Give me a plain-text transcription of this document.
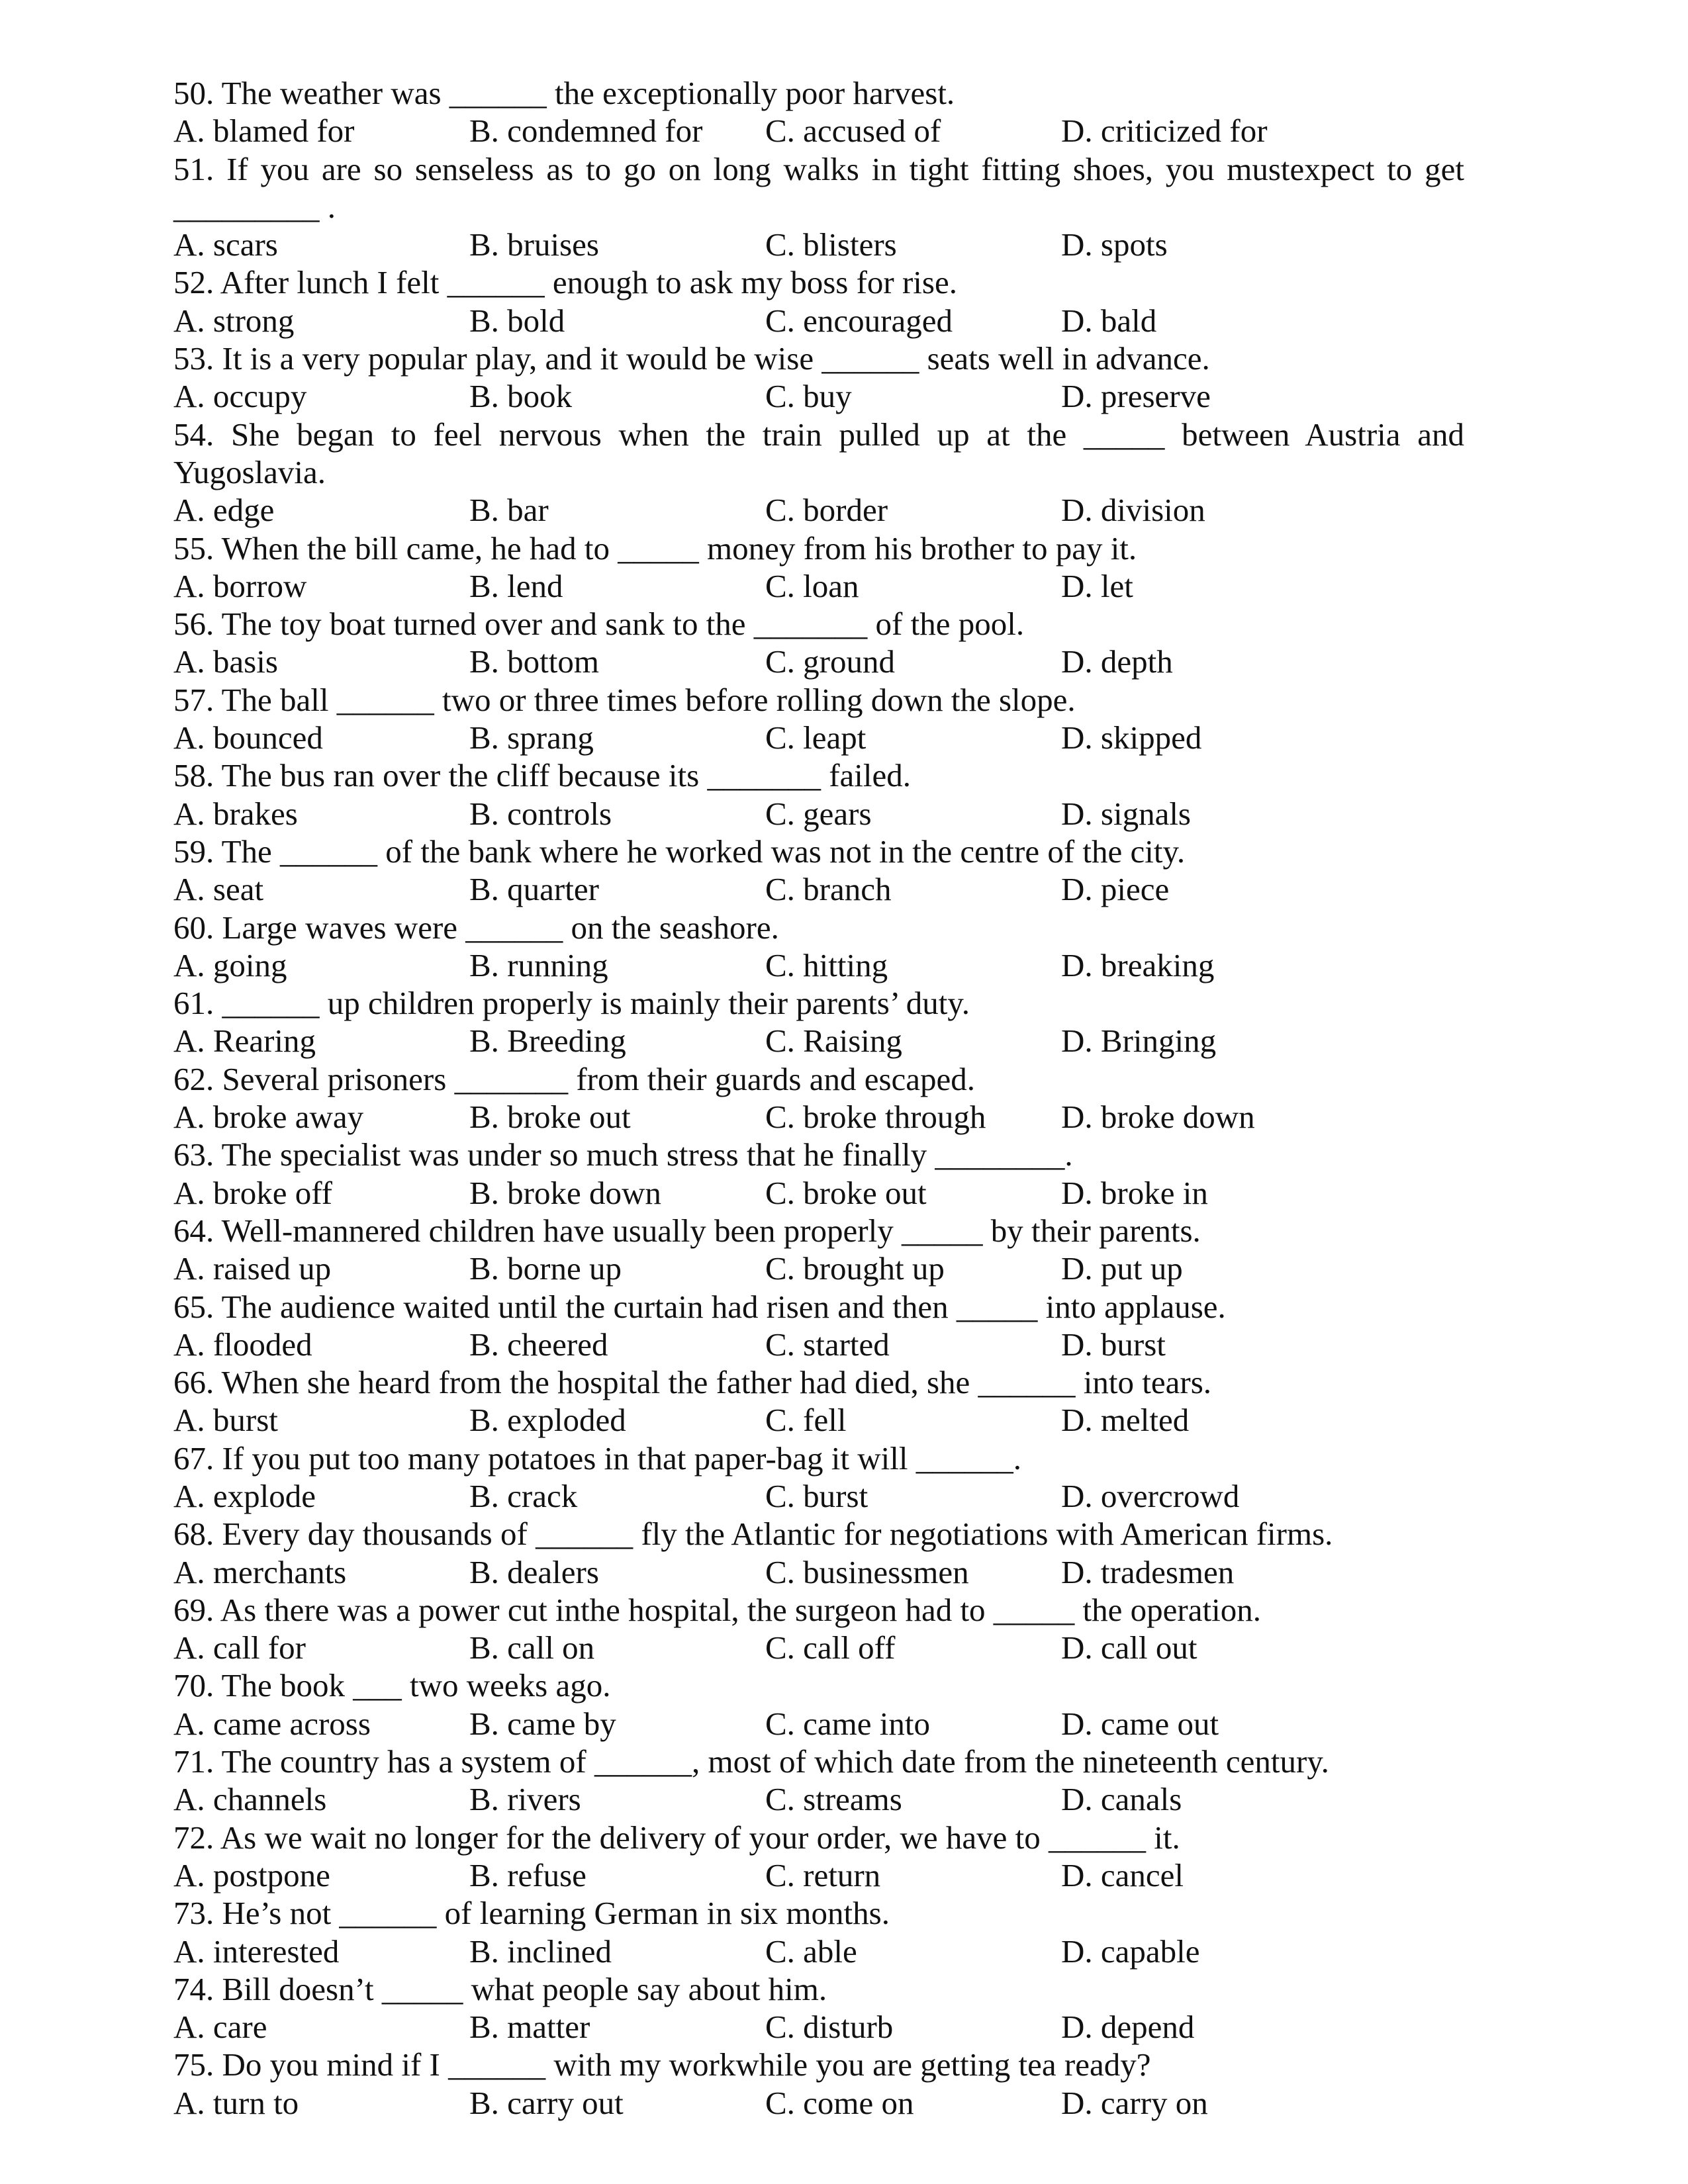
50. The weather was ______ the exceptionally poor harvest.
A. blamed for	B. condemned for	C. accused of	D. criticized for
51. If you are so senseless as to go on long walks in tight fitting shoes, you mustexpect to get
_________ .
A. scars	B. bruises	C. blisters	D. spots
52. After lunch I felt ______ enough to ask my boss for rise.
A. strong	B. bold	C. encouraged	D. bald
53. It is a very popular play, and it would be wise ______ seats well in advance.
A. occupy	B. book	C. buy	D. preserve
54. She began to feel nervous when the train pulled up at the _____ between Austria and
Yugoslavia.
A. edge	B. bar	C. border	D. division
55. When the bill came, he had to _____ money from his brother to pay it.
A. borrow	B. lend	C. loan	D. let
56. The toy boat turned over and sank to the _______ of the pool.
A. basis	B. bottom	C. ground	D. depth
57. The ball ______ two or three times before rolling down the slope.
A. bounced	B. sprang	C. leapt	D. skipped
58. The bus ran over the cliff because its _______ failed.
A. brakes	B. controls	C. gears	D. signals
59. The ______ of the bank where he worked was not in the centre of the city.
A. seat	B. quarter	C. branch	D. piece
60. Large waves were ______ on the seashore.
A. going	B. running	C. hitting	D. breaking
61. ______ up children properly is mainly their parents’ duty.
A. Rearing	B. Breeding	C. Raising	D. Bringing
62. Several prisoners _______ from their guards and escaped.
A. broke away	B. broke out	C. broke through	D. broke down
63. The specialist was under so much stress that he finally ________.
A. broke off	B. broke down	C. broke out	D. broke in
64. Well-mannered children have usually been properly _____ by their parents.
A. raised up	B. borne up	C. brought up	D. put up
65. The audience waited until the curtain had risen and then _____ into applause.
A. flooded	B. cheered	C. started	D. burst
66. When she heard from the hospital the father had died, she ______ into tears.
A. burst	B. exploded	C. fell	D. melted
67. If you put too many potatoes in that paper-bag it will ______.
A. explode	B. crack	C. burst	D. overcrowd
68. Every day thousands of ______ fly the Atlantic for negotiations with American firms.
A. merchants	B. dealers	C. businessmen	D. tradesmen
69. As there was a power cut inthe hospital, the surgeon had to _____ the operation.
A. call for	B. call on	C. call off	D. call out
70. The book ___ two weeks ago.
A. came across	B. came by	C. came into	D. came out
71. The country has a system of ______, most of which date from the nineteenth century.
A. channels	B. rivers	C. streams	D. canals
72. As we wait no longer for the delivery of your order, we have to ______ it.
A. postpone	B. refuse	C. return	D. cancel
73. He’s not ______ of learning German in six months.
A. interested	B. inclined	C. able	D. capable
74. Bill doesn’t _____ what people say about him.
A. care	B. matter	C. disturb	D. depend
75. Do you mind if I ______ with my workwhile you are getting tea ready?
A. turn to	B. carry out	C. come on	D. carry on
